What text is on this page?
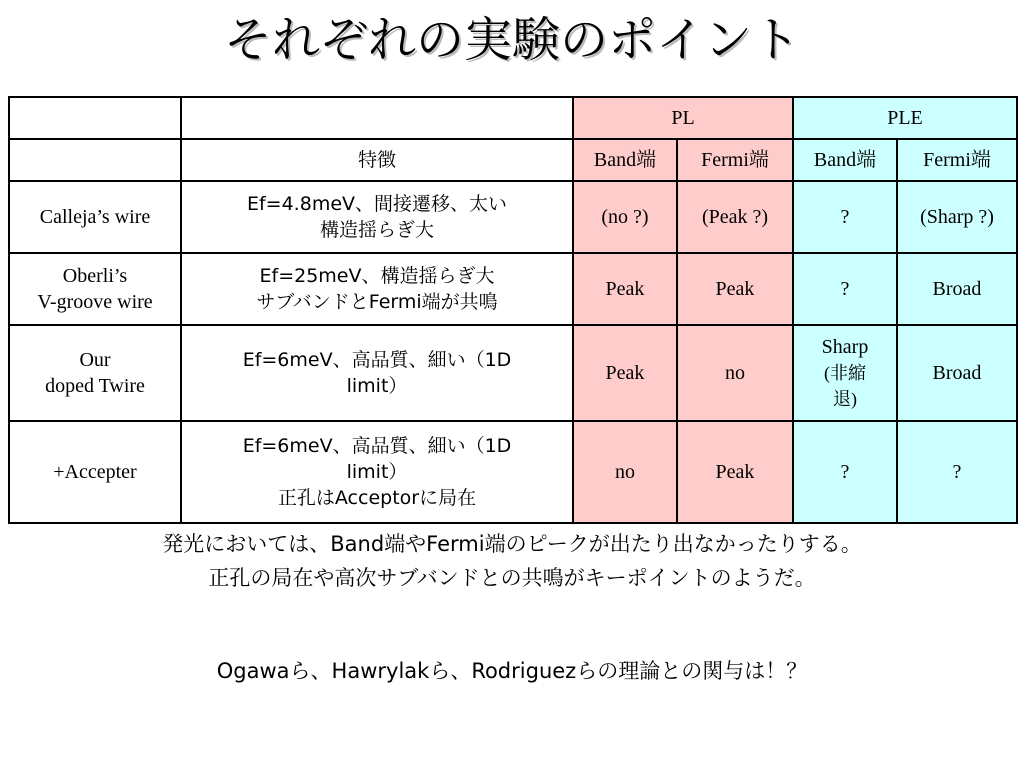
それぞれの実験のポイント
		PL		PLE	
	特徴	Band端	Fermi端	Band端	Fermi端
Calleja’s wire	Ef=4.8meV、間接遷移、太い
構造揺らぎ大	(no ?)	(Peak ?)	?	(Sharp ?)
Oberli’s
V-groove wire	Ef=25meV、構造揺らぎ大
サブバンドとFermi端が共鳴	Peak	Peak	?	Broad
Our
doped Twire	Ef=6meV、高品質、細い（1D
limit）	Peak	no	Sharp
(非縮
退)	Broad
+Accepter	Ef=6meV、高品質、細い（1D
limit）
正孔はAcceptorに局在	no	Peak	?	?
発光においては、Band端やFermi端のピークが出たり出なかったりする。
正孔の局在や高次サブバンドとの共鳴がキーポイントのようだ。
Ogawaら、Hawrylakら、Rodriguezらの理論との関与は！？
